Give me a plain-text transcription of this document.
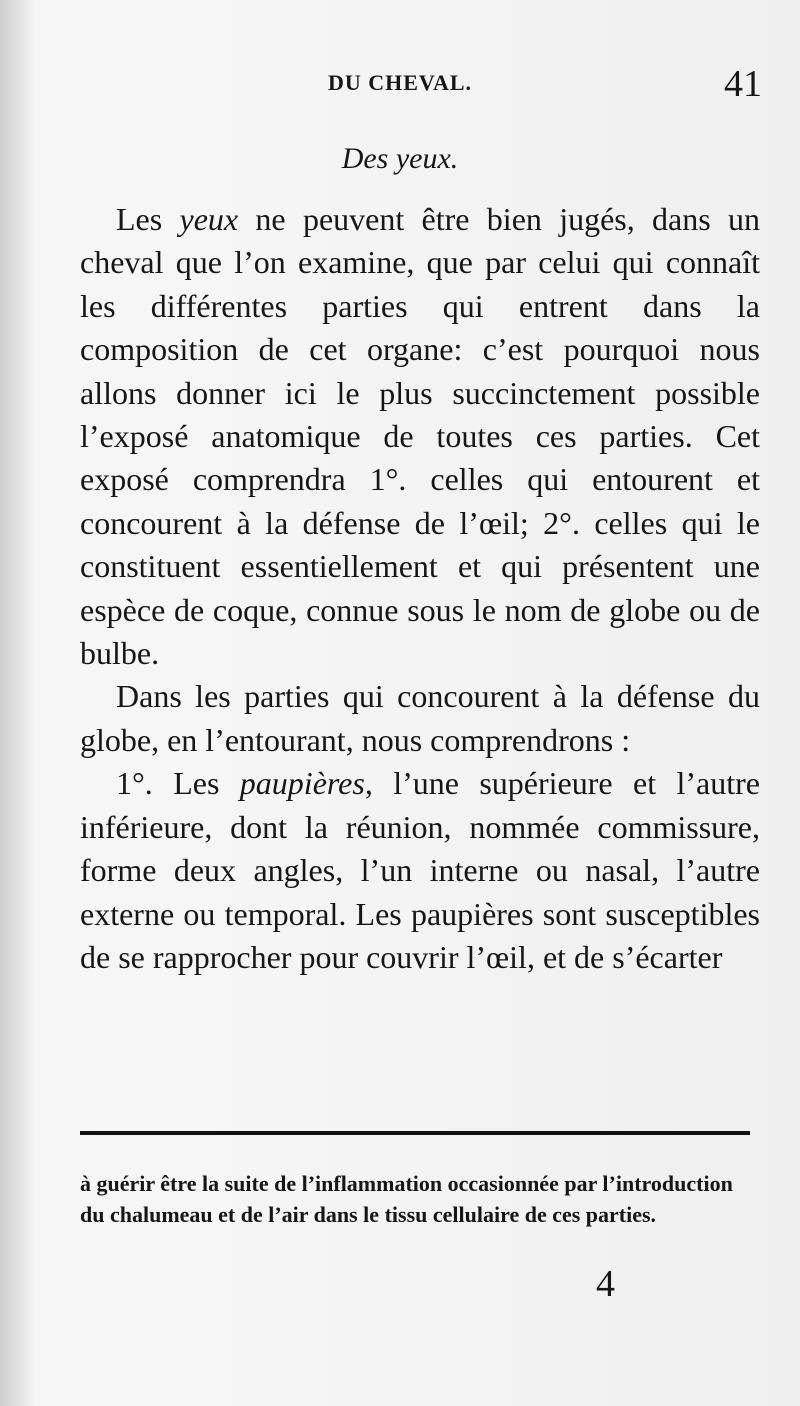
DU CHEVAL.	41
Des yeux.

Les yeux ne peuvent être bien jugés, dans un cheval que l’on examine, que par celui qui connaît les différentes parties qui entrent dans la composition de cet organe: c’est pourquoi nous allons donner ici le plus succinctement possible l’exposé anatomique de toutes ces parties. Cet exposé comprendra 1°. celles qui entourent et concourent à la défense de l’œil; 2°. celles qui le constituent essentiellement et qui présentent une espèce de coque, connue sous le nom de globe ou de bulbe.

Dans les parties qui concourent à la défense du globe, en l’entourant, nous comprendrons :

1°. Les paupières, l’une supérieure et l’autre inférieure, dont la réunion, nommée commissure, forme deux angles, l’un interne ou nasal, l’autre externe ou temporal. Les paupières sont susceptibles de se rapprocher pour couvrir l’œil, et de s’écarter

à guérir être la suite de l’inflammation occasionnée par l’introduction du chalumeau et de l’air dans le tissu cellulaire de ces parties.

4
